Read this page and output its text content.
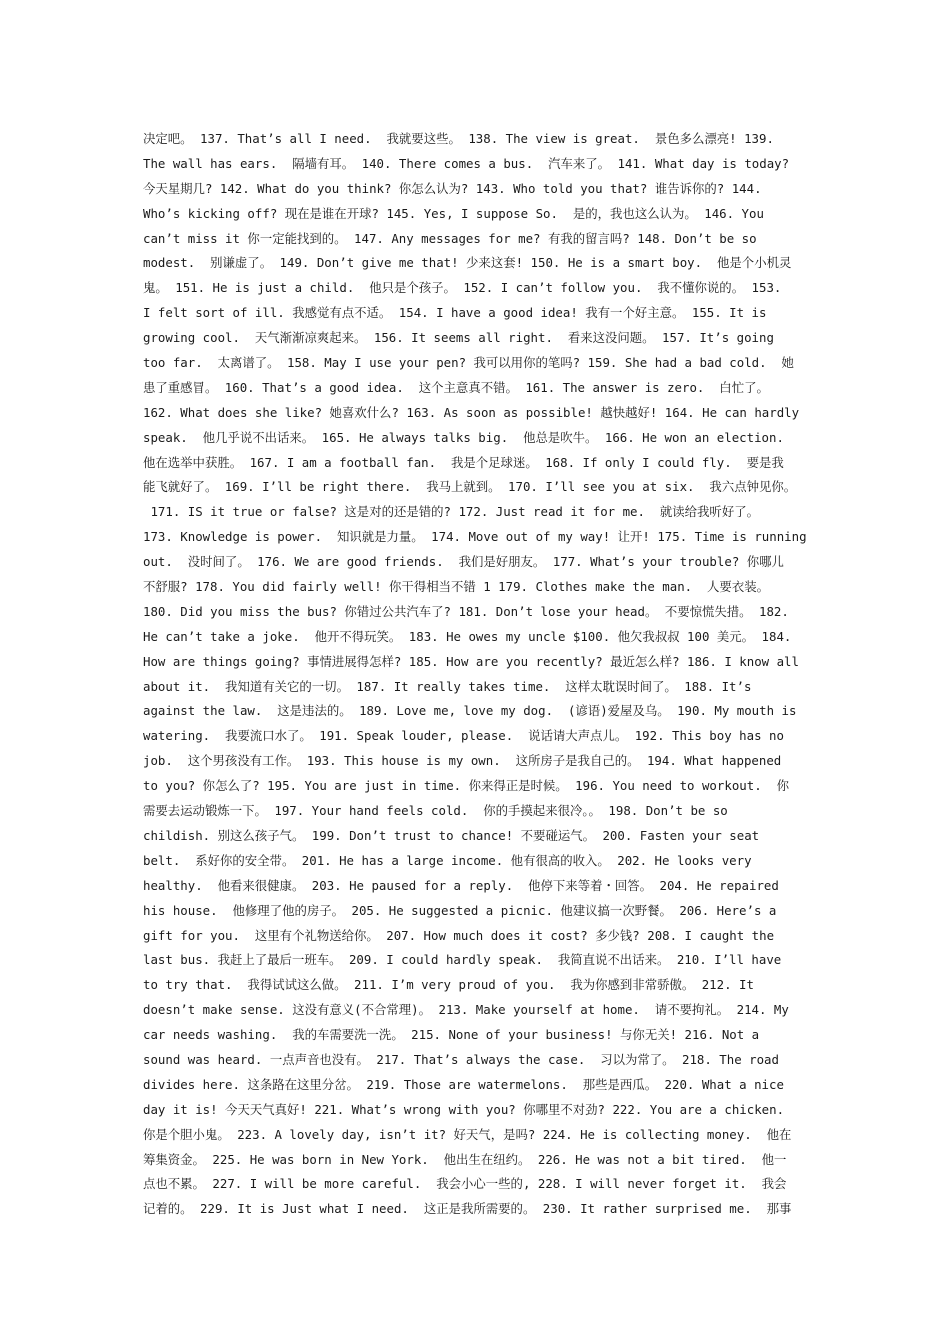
决定吧。 137. That’s all I need.  我就要这些。 138. The view is great.  景色多么漂亮! 139.
The wall has ears.  隔墙有耳。 140. There comes a bus.  汽车来了。 141. What day is today?
今天星期几? 142. What do you think? 你怎么认为? 143. Who told you that? 谁告诉你的? 144.
Who’s kicking off? 现在是谁在开球? 145. Yes, I suppose So.  是的，我也这么认为。 146. You
can’t miss it 你一定能找到的。 147. Any messages for me? 有我的留言吗? 148. Don’t be so
modest.  别谦虚了。 149. Don’t give me that! 少来这套! 150. He is a smart boy.  他是个小机灵
鬼。 151. He is just a child.  他只是个孩子。 152. I can’t follow you.  我不懂你说的。 153.
I felt sort of ill. 我感觉有点不适。 154. I have a good idea! 我有一个好主意。 155. It is
growing cool.  天气渐渐凉爽起来。 156. It seems all right.  看来这没问题。 157. It’s going
too far.  太离谱了。 158. May I use your pen? 我可以用你的笔吗? 159. She had a bad cold.  她
患了重感冒。 160. That’s a good idea.  这个主意真不错。 161. The answer is zero.  白忙了。
162. What does she like? 她喜欢什么? 163. As soon as possible! 越快越好! 164. He can hardly
speak.  他几乎说不出话来。 165. He always talks big.  他总是吹牛。 166. He won an election.
他在选举中获胜。 167. I am a football fan.  我是个足球迷。 168. If only I could fly.  要是我
能飞就好了。 169. I’ll be right there.  我马上就到。 170. I’ll see you at six.  我六点钟见你。
171. IS it true or false? 这是对的还是错的? 172. Just read it for me.  就读给我听好了。
173. Knowledge is power.  知识就是力量。 174. Move out of my way! 让开! 175. Time is running
out.  没时间了。 176. We are good friends.  我们是好朋友。 177. What’s your trouble? 你哪儿
不舒服? 178. You did fairly well! 你干得相当不错 1 179. Clothes make the man.  人要衣装。
180. Did you miss the bus? 你错过公共汽车了? 181. Don’t lose your head。 不要惊慌失措。 182.
He can’t take a joke.  他开不得玩笑。 183. He owes my uncle $100. 他欠我叔叔 100 美元。 184.
How are things going? 事情进展得怎样? 185. How are you recently? 最近怎么样? 186. I know all
about it.  我知道有关它的一切。 187. It really takes time.  这样太耽误时间了。 188. It’s
against the law.  这是违法的。 189. Love me, love my dog.  (谚语)爱屋及乌。 190. My mouth is
watering.  我要流口水了。 191. Speak louder, please.  说话请大声点儿。 192. This boy has no
job.  这个男孩没有工作。 193. This house is my own.  这所房子是我自己的。 194. What happened
to you? 你怎么了? 195. You are just in time. 你来得正是时候。 196. You need to workout.  你
需要去运动锻炼一下。 197. Your hand feels cold.  你的手摸起来很冷。。 198. Don’t be so
childish. 别这么孩子气。 199. Don’t trust to chance! 不要碰运气。 200. Fasten your seat
belt.  系好你的安全带。 201. He has a large income. 他有很高的收入。 202. He looks very
healthy.  他看来很健康。 203. He paused for a reply.  他停下来等着・回答。 204. He repaired
his house.  他修理了他的房子。 205. He suggested a picnic. 他建议搞一次野餐。 206. Here’s a
gift for you.  这里有个礼物送给你。 207. How much does it cost? 多少钱? 208. I caught the
last bus. 我赶上了最后一班车。 209. I could hardly speak.  我简直说不出话来。 210. I’ll have
to try that.  我得试试这么做。 211. I’m very proud of you.  我为你感到非常骄傲。 212. It
doesn’t make sense. 这没有意义(不合常理)。 213. Make yourself at home.  请不要拘礼。 214. My
car needs washing.  我的车需要洗一洗。 215. None of your business! 与你无关! 216. Not a
sound was heard. 一点声音也没有。 217. That’s always the case.  习以为常了。 218. The road
divides here. 这条路在这里分岔。 219. Those are watermelons.  那些是西瓜。 220. What a nice
day it is! 今天天气真好! 221. What’s wrong with you? 你哪里不对劲? 222. You are a chicken.
你是个胆小鬼。 223. A lovely day, isn’t it? 好天气，是吗? 224. He is collecting money.  他在
筹集资金。 225. He was born in New York.  他出生在纽约。 226. He was not a bit tired.  他一
点也不累。 227. I will be more careful.  我会小心一些的, 228. I will never forget it.  我会
记着的。 229. It is Just what I need.  这正是我所需要的。 230. It rather surprised me.  那事
